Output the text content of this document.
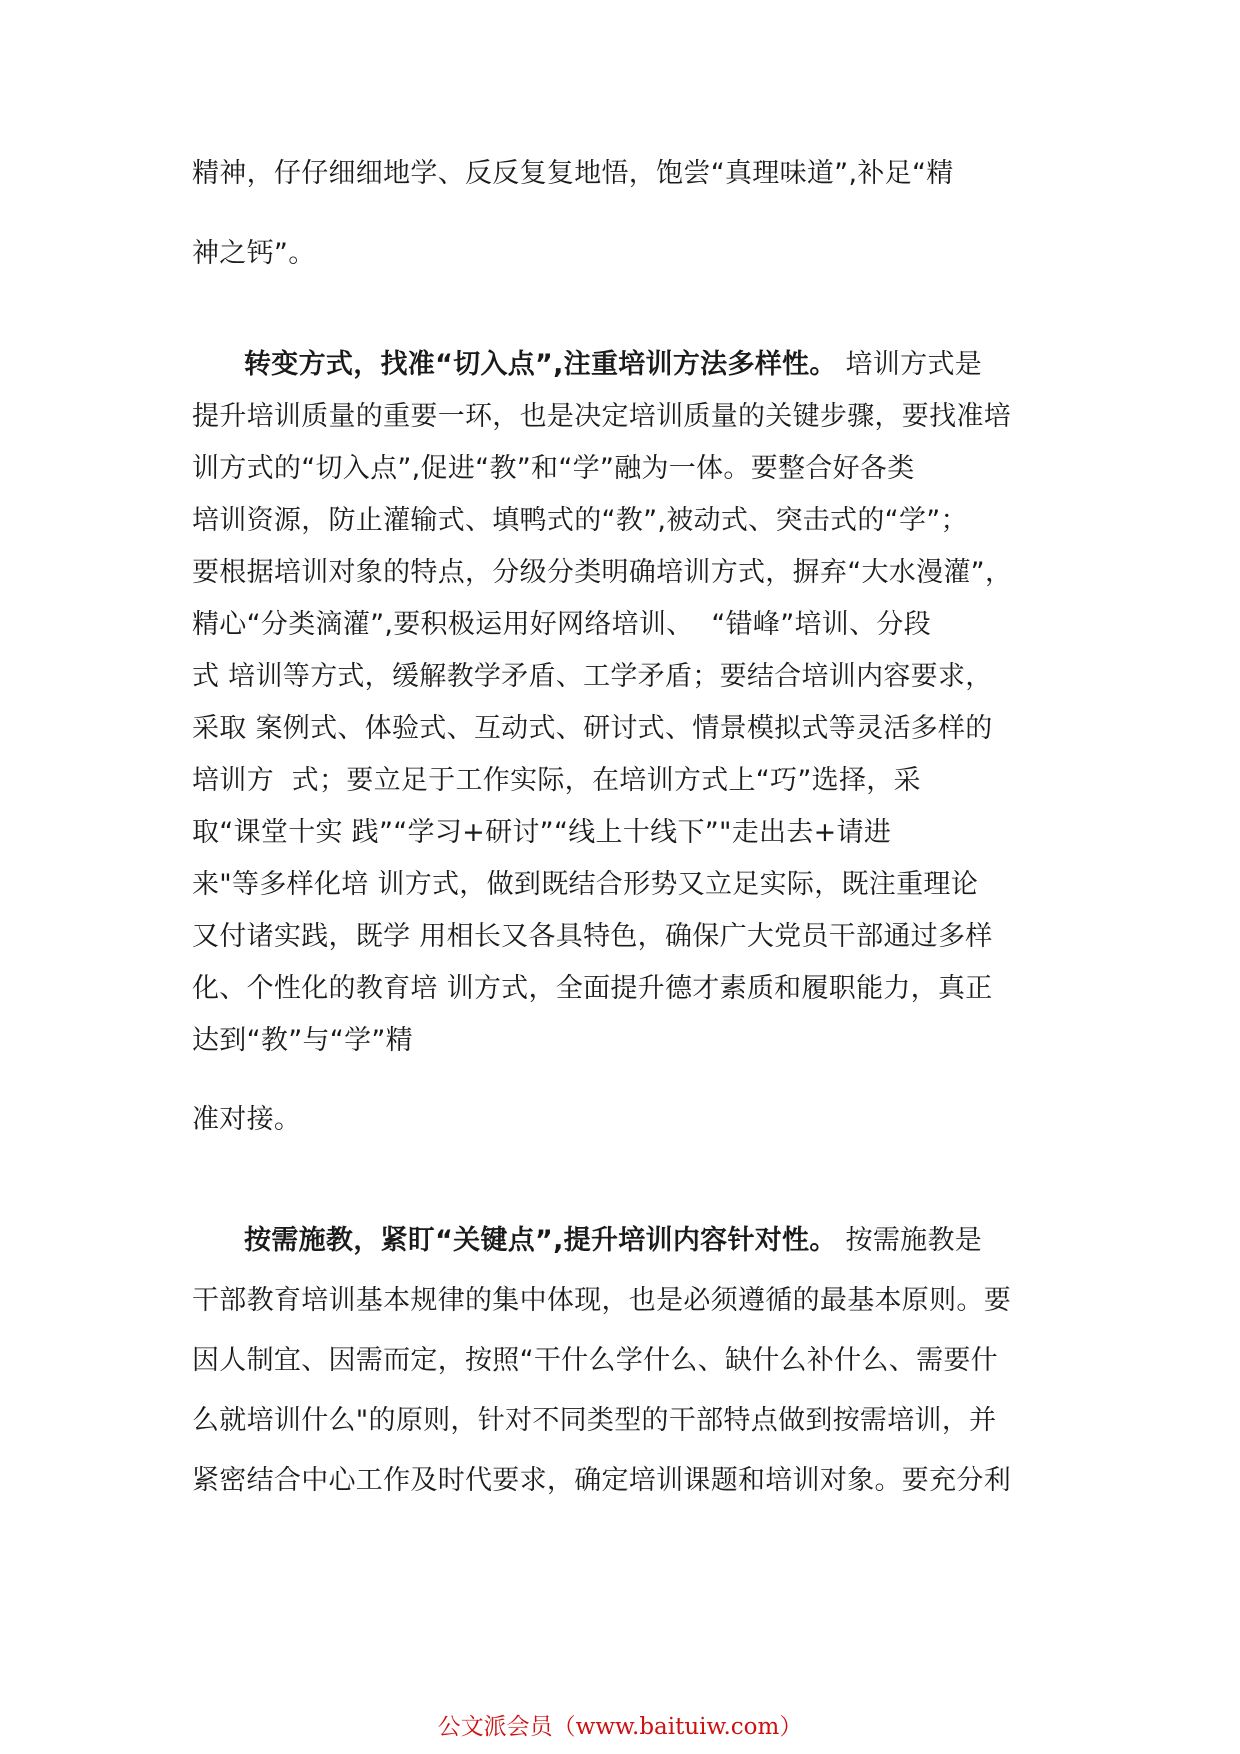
精神，仔仔细细地学、反反复复地悟，饱尝“真理味道”,补足“精
神之钙”。
转变方式，找准“切入点”,注重培训方法多样性。 培训方式是
提升培训质量的重要一环，也是决定培训质量的关键步骤，要找准培
训方式的“切入点”,促进“教”和“学”融为一体。要整合好各类
培训资源，防止灌输式、填鸭式的“教”,被动式、突击式的“学”；
要根据培训对象的特点，分级分类明确培训方式，摒弃“大水漫灌”，
精心“分类滴灌”,要积极运用好网络培训、  “错峰”培训、分段
式 培训等方式，缓解教学矛盾、工学矛盾；要结合培训内容要求，
采取 案例式、体验式、互动式、研讨式、情景模拟式等灵活多样的
培训方  式；要立足于工作实际，在培训方式上“巧”选择，采
取“课堂十实 践”“学习+研讨”“线上十线下”"走出去+请进
来"等多样化培 训方式，做到既结合形势又立足实际，既注重理论
又付诸实践，既学 用相长又各具特色，确保广大党员干部通过多样
化、个性化的教育培 训方式，全面提升德才素质和履职能力，真正
达到“教”与“学”精
准对接。
按需施教，紧盯“关键点”,提升培训内容针对性。 按需施教是
干部教育培训基本规律的集中体现，也是必须遵循的最基本原则。要
因人制宜、因需而定，按照“干什么学什么、缺什么补什么、需要什
么就培训什么"的原则，针对不同类型的干部特点做到按需培训，并
紧密结合中心工作及时代要求，确定培训课题和培训对象。要充分利
公文派会员（www.baituiw.com）
